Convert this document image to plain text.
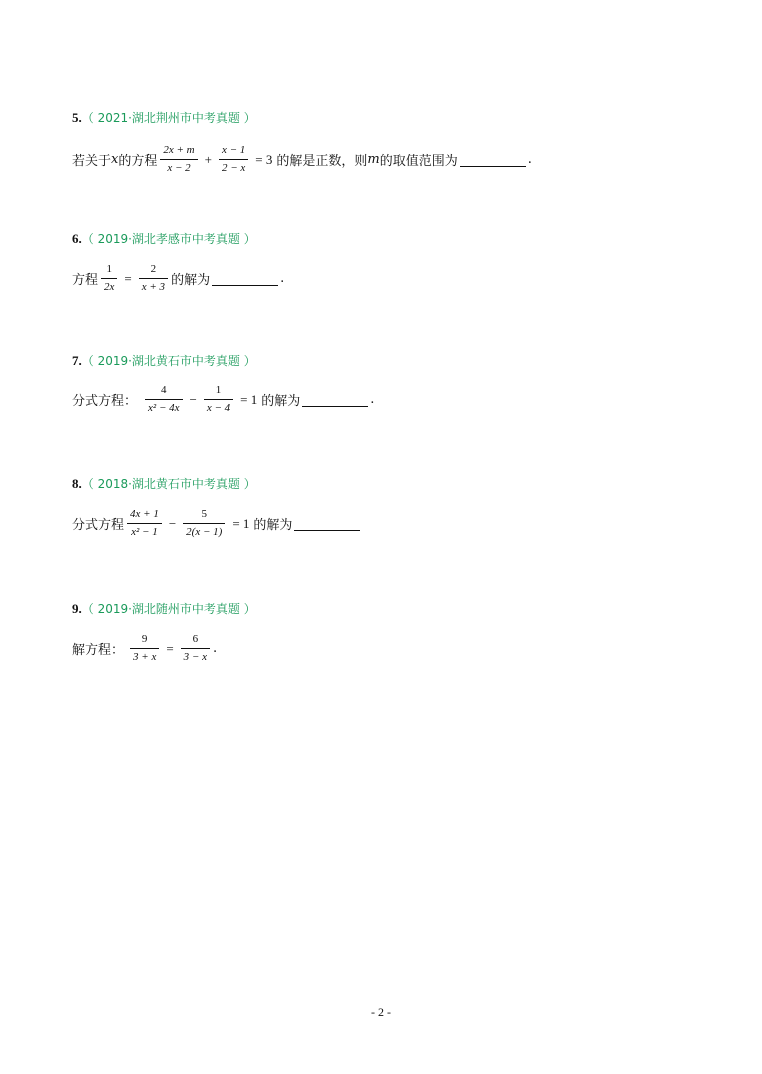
5.（ 2021·湖北荆州市中考真题 ）
若关于 x 的方程 $\frac{2x + m}{x - 2} + \frac{x - 1}{2 - x} = 3$ 的解是正数，则 m 的取值范围为	.
6.（ 2019·湖北孝感市中考真题 ）
方程 $\frac{1}{2x} = \frac{2}{x + 3}$ 的解为	.
7.（ 2019·湖北黄石市中考真题 ）
分式方程： $\frac{4}{\text{x² − 4x}} - \frac{1}{x - 4} = 1$ 的解为	.
8.（ 2018·湖北黄石市中考真题 ）
分式方程 $\frac{4x + 1}{\text{x² − 1}} - \frac{5}{2(x - 1)} = 1$ 的解为
9.（ 2019·湖北随州市中考真题 ）
解方程： $\frac{9}{3 + x} = \frac{6}{3 - x}$ .
- 2 -
